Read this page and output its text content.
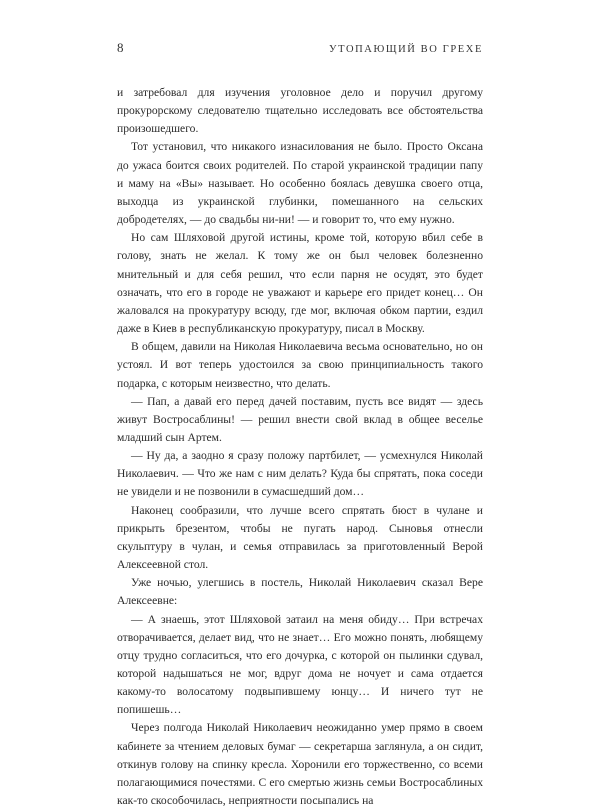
8	УТОПАЮЩИЙ ВО ГРЕХЕ

и затребовал для изучения уголовное дело и поручил другому прокурорскому следователю тщательно исследовать все обстоятельства произошедшего.

Тот установил, что никакого изнасилования не было. Просто Оксана до ужаса боится своих родителей. По старой украинской традиции папу и маму на «Вы» называет. Но особенно боялась девушка своего отца, выходца из украинской глубинки, помешанного на сельских добродетелях, — до свадьбы ни-ни! — и говорит то, что ему нужно.

Но сам Шляховой другой истины, кроме той, которую вбил себе в голову, знать не желал. К тому же он был человек болезненно мнительный и для себя решил, что если парня не осудят, это будет означать, что его в городе не уважают и карьере его придет конец… Он жаловался на прокуратуру всюду, где мог, включая обком партии, ездил даже в Киев в республиканскую прокуратуру, писал в Москву.

В общем, давили на Николая Николаевича весьма основательно, но он устоял. И вот теперь удостоился за свою принципиальность такого подарка, с которым неизвестно, что делать.

— Пап, а давай его перед дачей поставим, пусть все видят — здесь живут Востросаблины! — решил внести свой вклад в общее веселье младший сын Артем.

— Ну да, а заодно я сразу положу партбилет, — усмехнулся Николай Николаевич. — Что же нам с ним делать? Куда бы спрятать, пока соседи не увидели и не позвонили в сумасшедший дом…

Наконец сообразили, что лучше всего спрятать бюст в чулане и прикрыть брезентом, чтобы не пугать народ. Сыновья отнесли скульптуру в чулан, и семья отправилась за приготовленный Верой Алексеевной стол.

Уже ночью, улегшись в постель, Николай Николаевич сказал Вере Алексеевне:

— А знаешь, этот Шляховой затаил на меня обиду… При встречах отворачивается, делает вид, что не знает… Его можно понять, любящему отцу трудно согласиться, что его дочурка, с которой он пылинки сдувал, которой надышаться не мог, вдруг дома не ночует и сама отдается какому-то волосатому подвыпившему юнцу… И ничего тут не попишешь…

Через полгода Николай Николаевич неожиданно умер прямо в своем кабинете за чтением деловых бумаг — секретарша заглянула, а он сидит, откинув голову на спинку кресла. Хоронили его торжественно, со всеми полагающимися почестями. С его смертью жизнь семьи Востросаблиных как-то скособочилась, неприятности посыпались на
